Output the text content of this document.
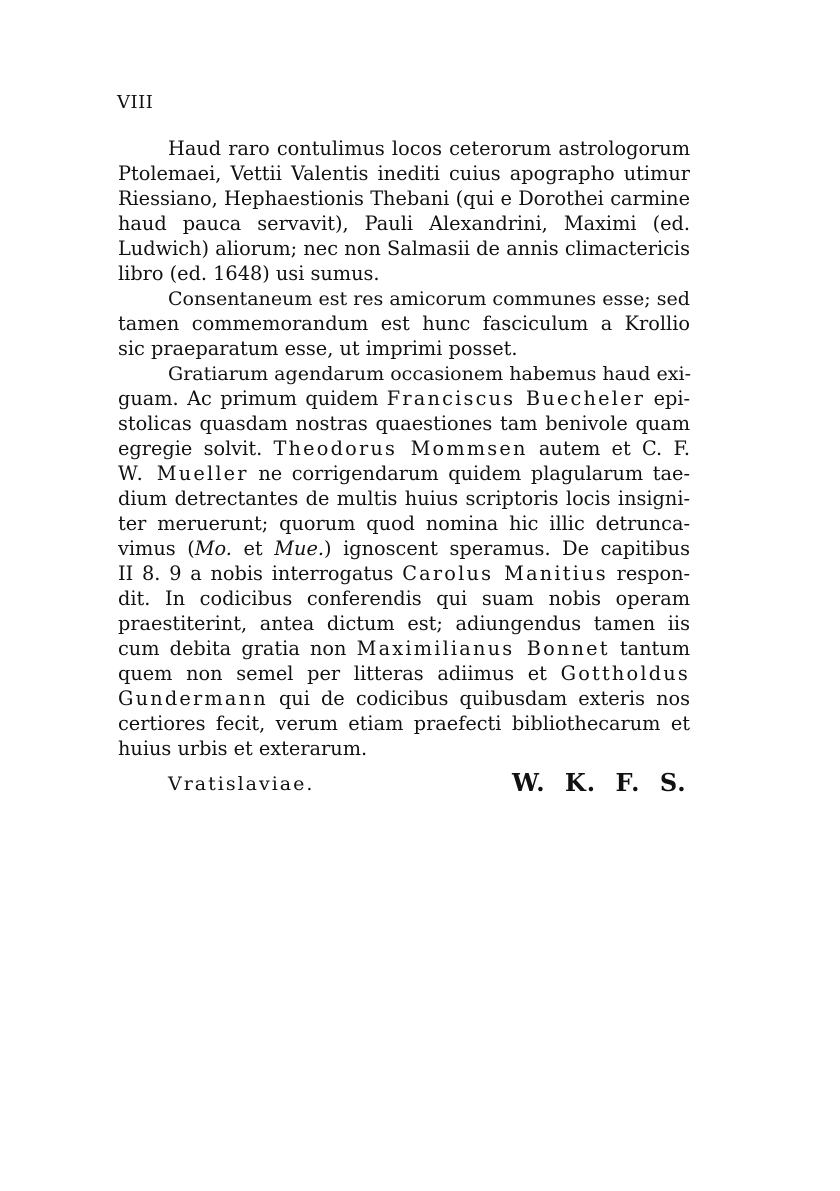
VIII

Haud raro contulimus locos ceterorum astrologorum

Ptolemaei, Vettii Valentis inediti cuius apographo utimur

Riessiano, Hephaestionis Thebani (qui e Dorothei carmine

haud pauca servavit), Pauli Alexandrini, Maximi (ed.

Ludwich) aliorum; nec non Salmasii de annis climactericis

libro (ed. 1648) usi sumus.

Consentaneum est res amicorum communes esse; sed

tamen commemorandum est hunc fasciculum a Krollio

sic praeparatum esse, ut imprimi posset.

Gratiarum agendarum occasionem habemus haud exi-

guam. Ac primum quidem Franciscus Buecheler epi-

stolicas quasdam nostras quaestiones tam benivole quam

egregie solvit. Theodorus Mommsen autem et C. F.

W. Mueller ne corrigendarum quidem plagularum tae-

dium detrectantes de multis huius scriptoris locis insigni-

ter meruerunt; quorum quod nomina hic illic detrunca-

vimus (Mo. et Mue.) ignoscent speramus. De capitibus

II 8. 9 a nobis interrogatus Carolus Manitius respon-

dit. In codicibus conferendis qui suam nobis operam

praestiterint, antea dictum est; adiungendus tamen iis

cum debita gratia non Maximilianus Bonnet tantum

quem non semel per litteras adiimus et Gottholdus

Gundermann qui de codicibus quibusdam exteris nos

certiores fecit, verum etiam praefecti bibliothecarum et

huius urbis et exterarum.

Vratislaviae.	W. K. F. S.
